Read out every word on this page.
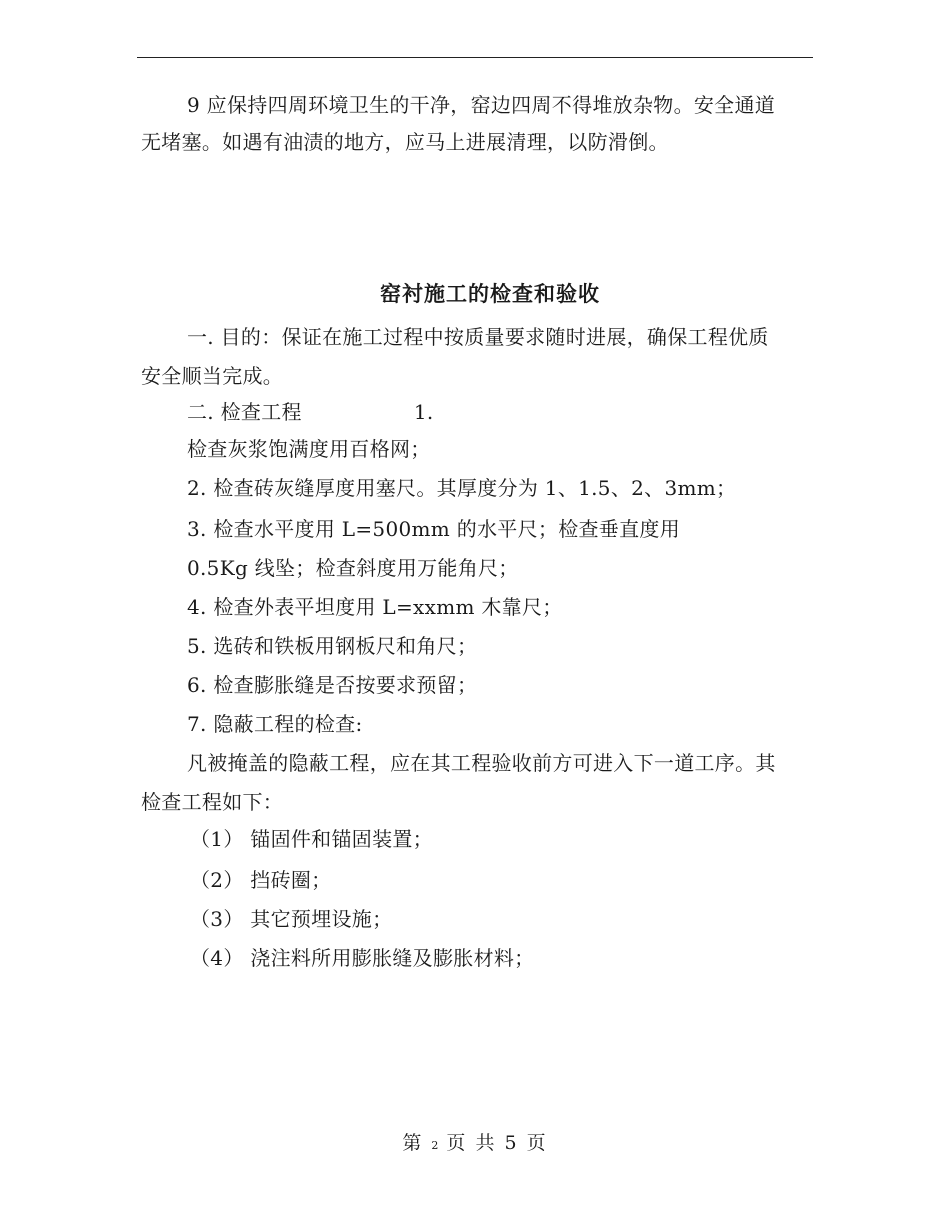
9 应保持四周环境卫生的干净，窑边四周不得堆放杂物。安全通道
无堵塞。如遇有油渍的地方，应马上进展清理，以防滑倒。
窑衬施工的检查和验收
一. 目的：保证在施工过程中按质量要求随时进展，确保工程优质
安全顺当完成。
二. 检查工程	1.
检查灰浆饱满度用百格网；
2. 检查砖灰缝厚度用塞尺。其厚度分为 1、1.5、2、3mm；
3. 检查水平度用 L=500mm 的水平尺；检查垂直度用
0.5Kg 线坠；检查斜度用万能角尺；
4. 检查外表平坦度用 L=xxmm 木靠尺；
5. 选砖和铁板用钢板尺和角尺；
6. 检查膨胀缝是否按要求预留；
7. 隐蔽工程的检查:
凡被掩盖的隐蔽工程，应在其工程验收前方可进入下一道工序。其
检查工程如下：
（1） 锚固件和锚固装置；
（2） 挡砖圈；
（3） 其它预埋设施；
（4） 浇注料所用膨胀缝及膨胀材料；
第 2 页 共 5 页
